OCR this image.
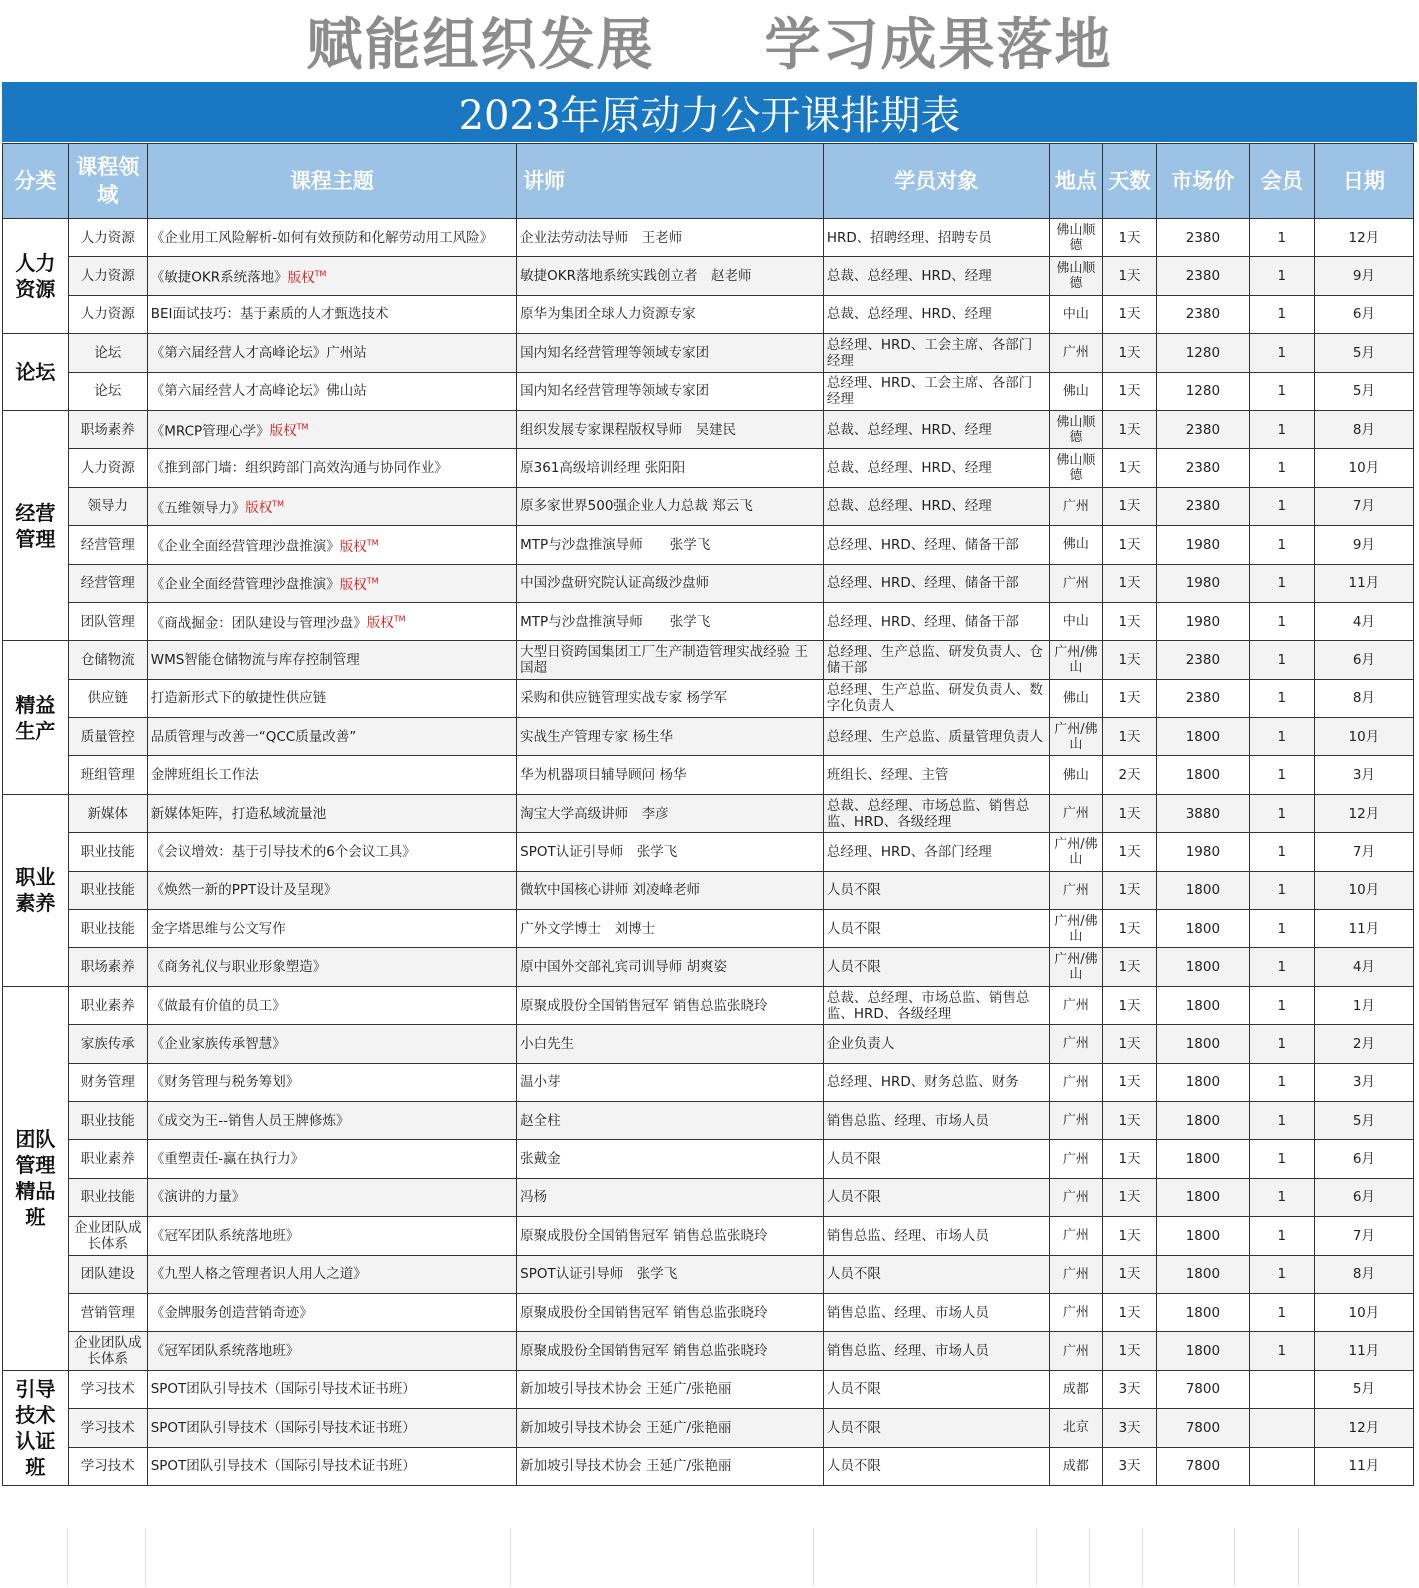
赋能组织发展 学习成果落地
2023年原动力公开课排期表
分类	课程领域	课程主题	讲师	学员对象	地点	天数	市场价	会员	日期
人力资源	人力资源	《企业用工风险解析-如何有效预防和化解劳动用工风险》	企业法劳动法导师　王老师	HRD、招聘经理、招聘专员	佛山顺德	1天	2380	1	12月
	人力资源	《敏捷OKR系统落地》版权™	敏捷OKR落地系统实践创立者　赵老师	总裁、总经理、HRD、经理	佛山顺德	1天	2380	1	9月
	人力资源	BEI面试技巧：基于素质的人才甄选技术	原华为集团全球人力资源专家	总裁、总经理、HRD、经理	中山	1天	2380	1	6月
论坛	论坛	《第六届经营人才高峰论坛》广州站	国内知名经营管理等领域专家团	总经理、HRD、工会主席、各部门经理	广州	1天	1280	1	5月
	论坛	《第六届经营人才高峰论坛》佛山站	国内知名经营管理等领域专家团	总经理、HRD、工会主席、各部门经理	佛山	1天	1280	1	5月
经营管理	职场素养	《MRCP管理心学》版权™	组织发展专家课程版权导师　吴建民	总裁、总经理、HRD、经理	佛山顺德	1天	2380	1	8月
	人力资源	《推到部门墙：组织跨部门高效沟通与协同作业》	原361高级培训经理 张阳阳	总裁、总经理、HRD、经理	佛山顺德	1天	2380	1	10月
	领导力	《五维领导力》版权™	原多家世界500强企业人力总裁 郑云飞	总裁、总经理、HRD、经理	广州	1天	2380	1	7月
	经营管理	《企业全面经营管理沙盘推演》版权™	MTP与沙盘推演导师　　张学飞	总经理、HRD、经理、储备干部	佛山	1天	1980	1	9月
	经营管理	《企业全面经营管理沙盘推演》版权™	中国沙盘研究院认证高级沙盘师	总经理、HRD、经理、储备干部	广州	1天	1980	1	11月
	团队管理	《商战掘金：团队建设与管理沙盘》版权™	MTP与沙盘推演导师　　张学飞	总经理、HRD、经理、储备干部	中山	1天	1980	1	4月
精益生产	仓储物流	WMS智能仓储物流与库存控制管理	大型日资跨国集团工厂生产制造管理实战经验 王国超	总经理、生产总监、研发负责人、仓储干部	广州/佛山	1天	2380	1	6月
	供应链	打造新形式下的敏捷性供应链	采购和供应链管理实战专家 杨学军	总经理、生产总监、研发负责人、数字化负责人	佛山	1天	2380	1	8月
	质量管控	品质管理与改善一“QCC质量改善”	实战生产管理专家 杨生华	总经理、生产总监、质量管理负责人	广州/佛山	1天	1800	1	10月
	班组管理	金牌班组长工作法	华为机器项目辅导顾问 杨华	班组长、经理、主管	佛山	2天	1800	1	3月
职业素养	新媒体	新媒体矩阵，打造私域流量池	淘宝大学高级讲师　李彦	总裁、总经理、市场总监、销售总监、HRD、各级经理	广州	1天	3880	1	12月
	职业技能	《会议增效：基于引导技术的6个会议工具》	SPOT认证引导师　张学飞	总经理、HRD、各部门经理	广州/佛山	1天	1980	1	7月
	职业技能	《焕然一新的PPT设计及呈现》	微软中国核心讲师 刘凌峰老师	人员不限	广州	1天	1800	1	10月
	职业技能	金字塔思维与公文写作	广外文学博士　刘博士	人员不限	广州/佛山	1天	1800	1	11月
	职场素养	《商务礼仪与职业形象塑造》	原中国外交部礼宾司训导师 胡爽姿	人员不限	广州/佛山	1天	1800	1	4月
团队管理精品班	职业素养	《做最有价值的员工》	原聚成股份全国销售冠军 销售总监张晓玲	总裁、总经理、市场总监、销售总监、HRD、各级经理	广州	1天	1800	1	1月
	家族传承	《企业家族传承智慧》	小白先生	企业负责人	广州	1天	1800	1	2月
	财务管理	《财务管理与税务筹划》	温小芽	总经理、HRD、财务总监、财务	广州	1天	1800	1	3月
	职业技能	《成交为王--销售人员王牌修炼》	赵全柱	销售总监、经理、市场人员	广州	1天	1800	1	5月
	职业素养	《重塑责任-赢在执行力》	张戴金	人员不限	广州	1天	1800	1	6月
	职业技能	《演讲的力量》	冯杨	人员不限	广州	1天	1800	1	6月
	企业团队成长体系	《冠军团队系统落地班》	原聚成股份全国销售冠军 销售总监张晓玲	销售总监、经理、市场人员	广州	1天	1800	1	7月
	团队建设	《九型人格之管理者识人用人之道》	SPOT认证引导师　张学飞	人员不限	广州	1天	1800	1	8月
	营销管理	《金牌服务创造营销奇迹》	原聚成股份全国销售冠军 销售总监张晓玲	销售总监、经理、市场人员	广州	1天	1800	1	10月
	企业团队成长体系	《冠军团队系统落地班》	原聚成股份全国销售冠军 销售总监张晓玲	销售总监、经理、市场人员	广州	1天	1800	1	11月
引导技术认证班	学习技术	SPOT团队引导技术（国际引导技术证书班）	新加坡引导技术协会 王延广/张艳丽	人员不限	成都	3天	7800		5月
	学习技术	SPOT团队引导技术（国际引导技术证书班）	新加坡引导技术协会 王延广/张艳丽	人员不限	北京	3天	7800		12月
	学习技术	SPOT团队引导技术（国际引导技术证书班）	新加坡引导技术协会 王延广/张艳丽	人员不限	成都	3天	7800		11月
